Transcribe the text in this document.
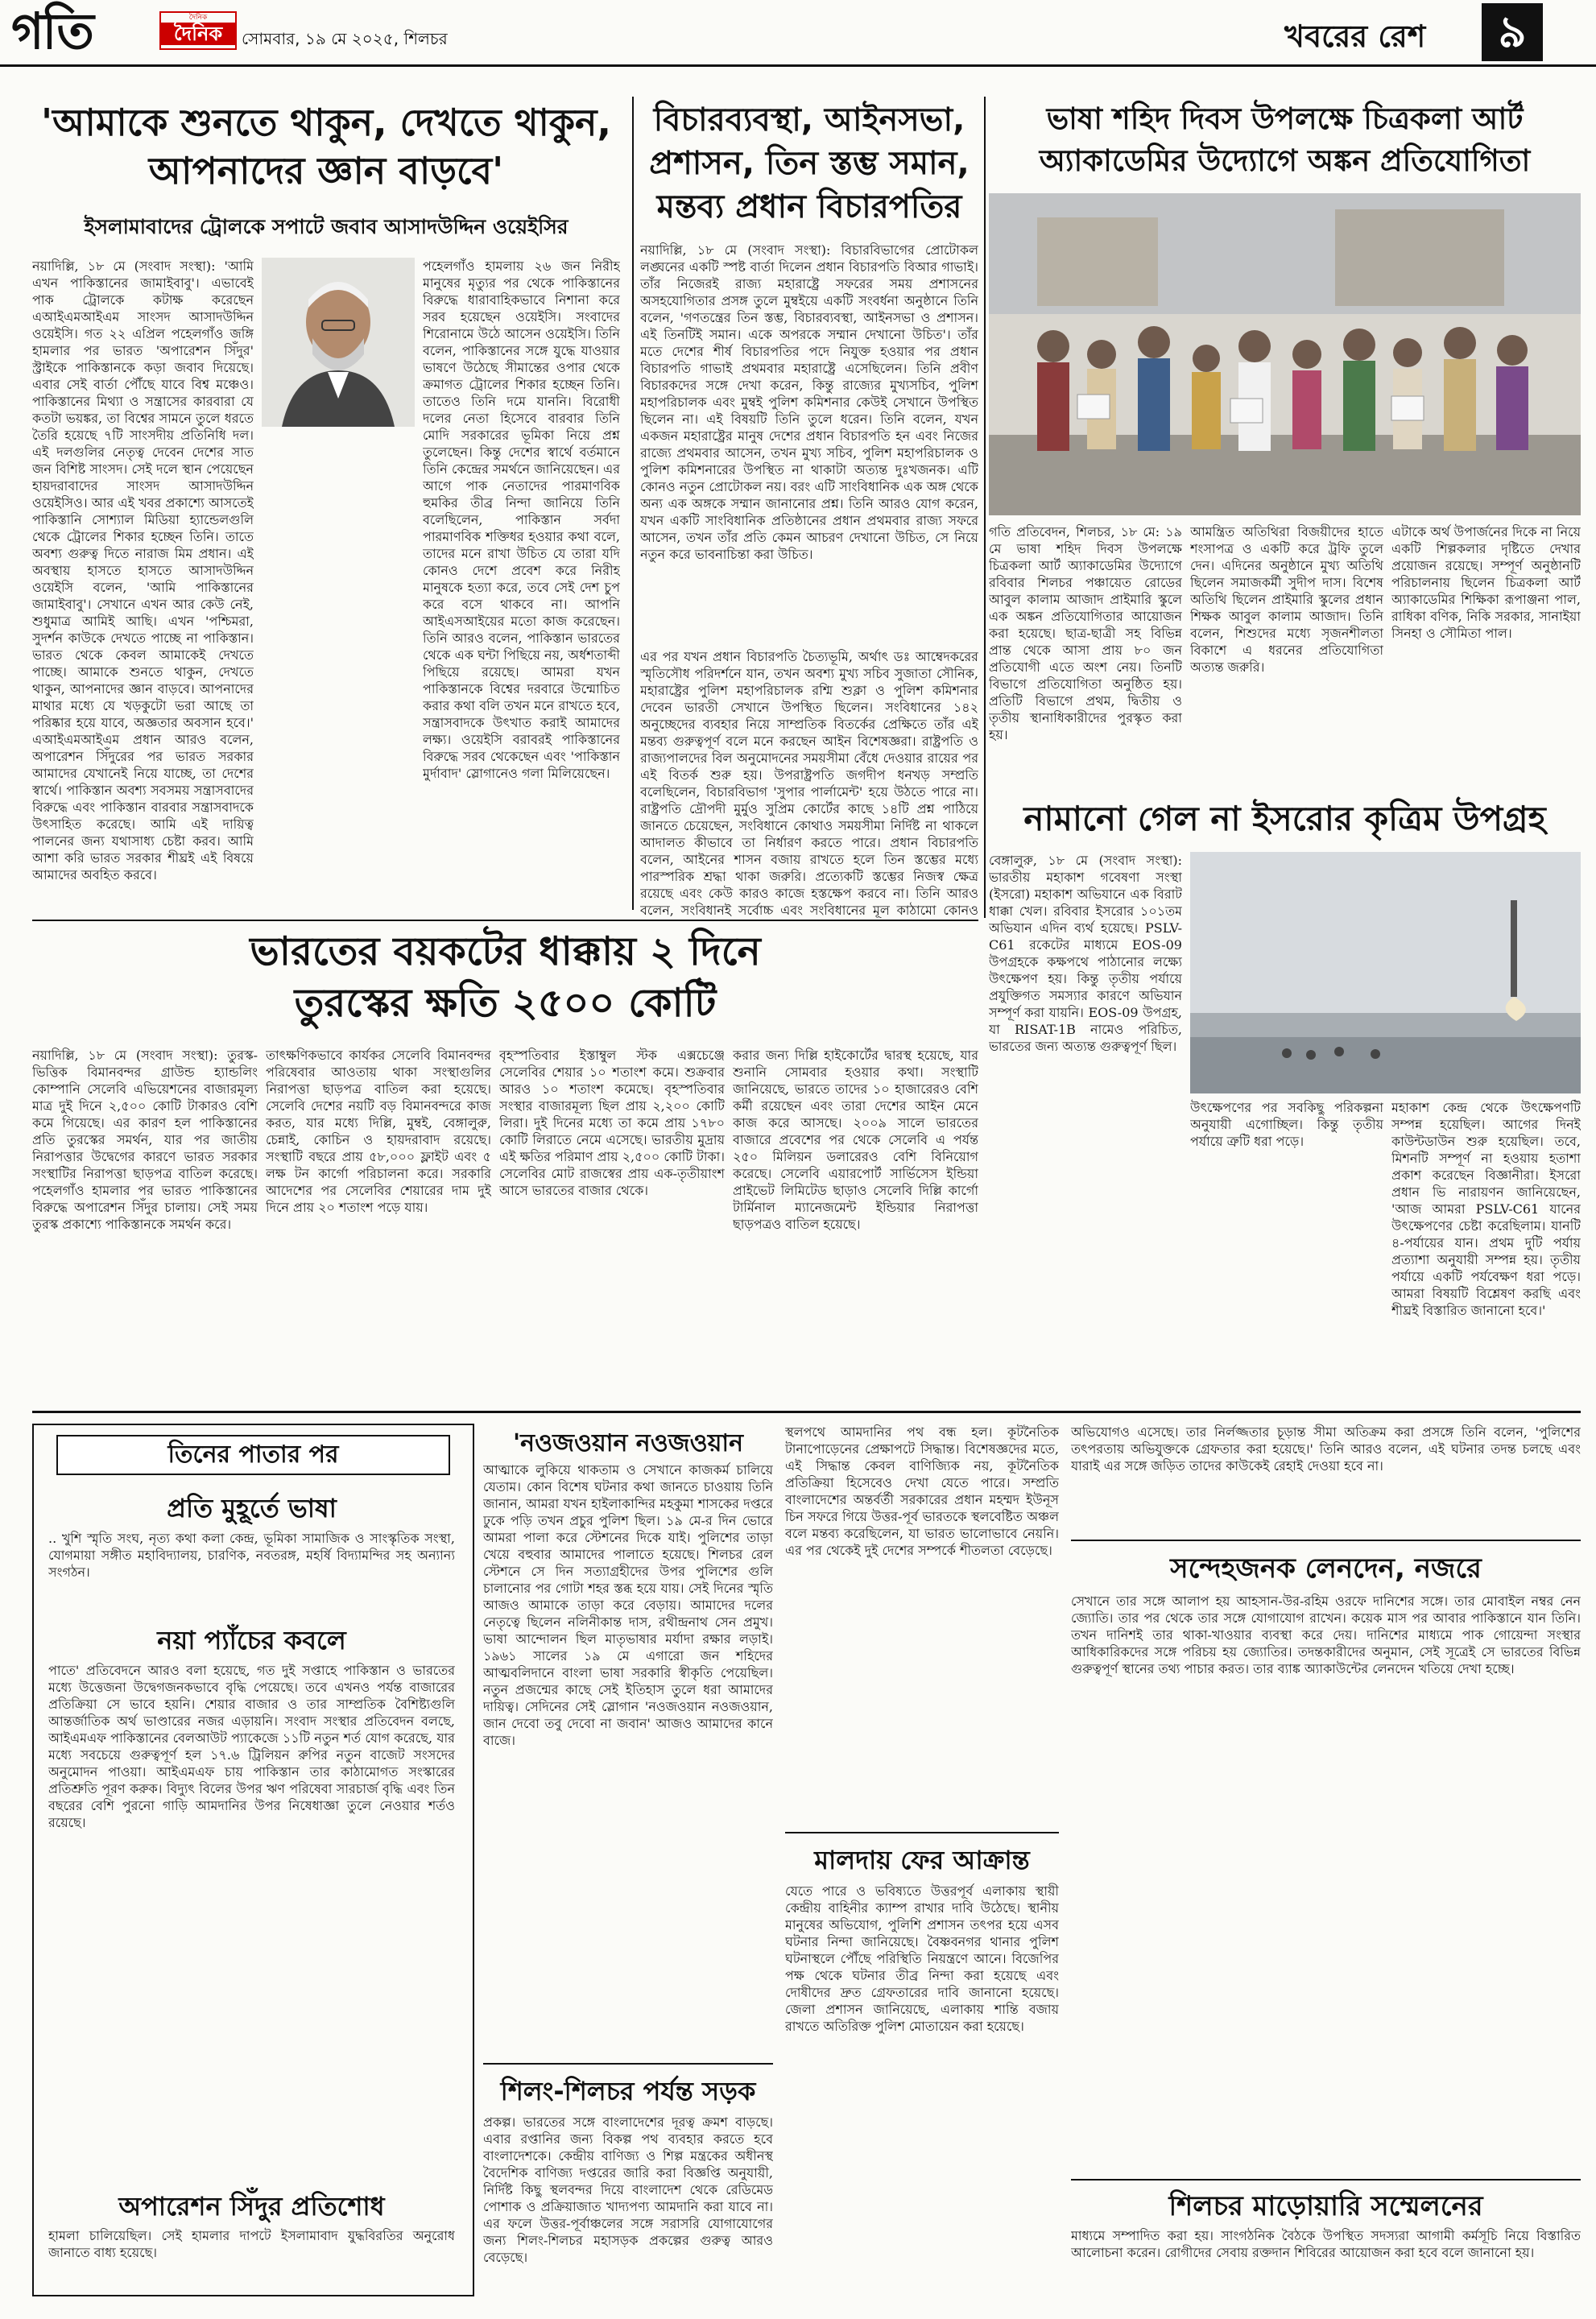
গতি	দৈনিক
দৈনিক	সোমবার, ১৯ মে ২০২৫, শিলচর	খবরের রেশ	৯
'আমাকে শুনতে থাকুন, দেখতে থাকুন, আপনাদের জ্ঞান বাড়বে'
ইসলামাবাদের ট্রোলকে সপাটে জবাব আসাদউদ্দিন ওয়েইসির
নয়াদিল্লি, ১৮ মে (সংবাদ সংস্থা): 'আমি এখন পাকিস্তানের জামাইবাবু'। এভাবেই পাক ট্রোলকে কটাক্ষ করেছেন এআইএমআইএম সাংসদ আসাদউদ্দিন ওয়েইসি। গত ২২ এপ্রিল পহেলগাঁও জঙ্গি হামলার পর ভারত 'অপারেশন সিঁদুর' স্ট্রাইকে পাকিস্তানকে কড়া জবাব দিয়েছে। এবার সেই বার্তা পৌঁছে যাবে বিশ্ব মঞ্চেও। পাকিস্তানের মিথ্যা ও সন্ত্রাসের কারবারা যে কতটা ভয়ঙ্কর, তা বিশ্বের সামনে তুলে ধরতে তৈরি হয়েছে ৭টি সাংসদীয় প্রতিনিধি দল। এই দলগুলির নেতৃত্ব দেবেন দেশের সাত জন বিশিষ্ট সাংসদ। সেই দলে স্থান পেয়েছেন হায়দরাবাদের সাংসদ আসাদউদ্দিন ওয়েইসিও। আর এই খবর প্রকাশ্যে আসতেই পাকিস্তানি সোশ্যাল মিডিয়া হ্যান্ডেলগুলি থেকে ট্রোলের শিকার হচ্ছেন তিনি। তাতে অবশ্য গুরুত্ব দিতে নারাজ মিম প্রধান। এই অবস্থায় হাসতে হাসতে আসাদউদ্দিন ওয়েইসি বলেন, 'আমি পাকিস্তানের জামাইবাবু'। সেখানে এখন আর কেউ নেই, শুধুমাত্র আমিই আছি। এখন 'পশ্চিমরা, সুদর্শন কাউকে দেখতে পাচ্ছে না পাকিস্তান। ভারত থেকে কেবল আমাকেই দেখতে পাচ্ছে। আমাকে শুনতে থাকুন, দেখতে থাকুন, আপনাদের জ্ঞান বাড়বে। আপনাদের মাথার মধ্যে যে খড়কুটো ভরা আছে তা পরিষ্কার হয়ে যাবে, অজ্ঞতার অবসান হবে।' এআইএমআইএম প্রধান আরও বলেন, অপারেশন সিঁদুরের পর ভারত সরকার আমাদের যেখানেই নিয়ে যাচ্ছে, তা দেশের স্বার্থে। পাকিস্তান অবশ্য সবসময় সন্ত্রাসবাদের বিরুদ্ধে এবং পাকিস্তান বারবার সন্ত্রাসবাদকে উৎসাহিত করেছে। আমি এই দায়িত্ব পালনের জন্য যথাসাধ্য চেষ্টা করব। আমি আশা করি ভারত সরকার শীঘ্রই এই বিষয়ে আমাদের অবহিত করবে।
পহেলগাঁও হামলায় ২৬ জন নিরীহ মানুষের মৃত্যুর পর থেকে পাকিস্তানের বিরুদ্ধে ধারাবাহিকভাবে নিশানা করে সরব হয়েছেন ওয়েইসি। সংবাদের শিরোনামে উঠে আসেন ওয়েইসি। তিনি বলেন, পাকিস্তানের সঙ্গে যুদ্ধে যাওয়ার ভাষণে উঠেছে সীমান্তের ওপার থেকে ক্রমাগত ট্রোলের শিকার হচ্ছেন তিনি। তাতেও তিনি দমে যাননি। বিরোধী দলের নেতা হিসেবে বারবার তিনি মোদি সরকারের ভূমিকা নিয়ে প্রশ্ন তুলেছেন। কিন্তু দেশের স্বার্থে বর্তমানে তিনি কেন্দ্রের সমর্থনে জানিয়েছেন। এর আগে পাক নেতাদের পারমাণবিক হুমকির তীব্র নিন্দা জানিয়ে তিনি বলেছিলেন, পাকিস্তান সর্বদা পারমাণবিক শক্তিধর হওয়ার কথা বলে, তাদের মনে রাখা উচিত যে তারা যদি কোনও দেশে প্রবেশ করে নিরীহ মানুষকে হত্যা করে, তবে সেই দেশ চুপ করে বসে থাকবে না। আপনি আইএসআইয়ের মতো কাজ করেছেন। তিনি আরও বলেন, পাকিস্তান ভারতের থেকে এক ঘন্টা পিছিয়ে নয়, অর্ধশতাব্দী পিছিয়ে রয়েছে। আমরা যখন পাকিস্তানকে বিশ্বের দরবারে উন্মোচিত করার কথা বলি তখন মনে রাখতে হবে, সন্ত্রাসবাদকে উৎখাত করাই আমাদের লক্ষ্য। ওয়েইসি বরাবরই পাকিস্তানের বিরুদ্ধে সরব থেকেছেন এবং 'পাকিস্তান মুর্দাবাদ' স্লোগানেও গলা মিলিয়েছেন।
বিচারব্যবস্থা, আইনসভা, প্রশাসন, তিন স্তম্ভ সমান, মন্তব্য প্রধান বিচারপতির
নয়াদিল্লি, ১৮ মে (সংবাদ সংস্থা): বিচারবিভাগের প্রোটোকল লঙ্ঘনের একটি স্পষ্ট বার্তা দিলেন প্রধান বিচারপতি বিআর গাভাই। তাঁর নিজেরই রাজ্য মহারাষ্ট্রে সফরের সময় প্রশাসনের অসহযোগিতার প্রসঙ্গ তুলে মুম্বইয়ে একটি সংবর্ধনা অনুষ্ঠানে তিনি বলেন, 'গণতন্ত্রের তিন স্তম্ভ, বিচারব্যবস্থা, আইনসভা ও প্রশাসন। এই তিনটিই সমান। একে অপরকে সম্মান দেখানো উচিত'। তাঁর মতে দেশের শীর্ষ বিচারপতির পদে নিযুক্ত হওয়ার পর প্রধান বিচারপতি গাভাই প্রথমবার মহারাষ্ট্রে এসেছিলেন। তিনি প্রবীণ বিচারকদের সঙ্গে দেখা করেন, কিন্তু রাজ্যের মুখ্যসচিব, পুলিশ মহাপরিচালক এবং মুম্বই পুলিশ কমিশনার কেউই সেখানে উপস্থিত ছিলেন না। এই বিষয়টি তিনি তুলে ধরেন। তিনি বলেন, যখন একজন মহারাষ্ট্রের মানুষ দেশের প্রধান বিচারপতি হন এবং নিজের রাজ্যে প্রথমবার আসেন, তখন মুখ্য সচিব, পুলিশ মহাপরিচালক ও পুলিশ কমিশনারের উপস্থিত না থাকাটা অত্যন্ত দুঃখজনক। এটি কোনও নতুন প্রোটোকল নয়। বরং এটি সাংবিধানিক এক অঙ্গ থেকে অন্য এক অঙ্গকে সম্মান জানানোর প্রশ্ন। তিনি আরও যোগ করেন, যখন একটি সাংবিধানিক প্রতিষ্ঠানের প্রধান প্রথমবার রাজ্য সফরে আসেন, তখন তাঁর প্রতি কেমন আচরণ দেখানো উচিত, সে নিয়ে নতুন করে ভাবনাচিন্তা করা উচিত।
এর পর যখন প্রধান বিচারপতি চৈত্যভূমি, অর্থাৎ ডঃ আম্বেদকরের স্মৃতিসৌধ পরিদর্শনে যান, তখন অবশ্য মুখ্য সচিব সুজাতা সৌনিক, মহারাষ্ট্রের পুলিশ মহাপরিচালক রশ্মি শুক্লা ও পুলিশ কমিশনার দেবেন ভারতী সেখানে উপস্থিত ছিলেন। সংবিধানের ১৪২ অনুচ্ছেদের ব্যবহার নিয়ে সাম্প্রতিক বিতর্কের প্রেক্ষিতে তাঁর এই মন্তব্য গুরুত্বপূর্ণ বলে মনে করছেন আইন বিশেষজ্ঞরা। রাষ্ট্রপতি ও রাজ্যপালদের বিল অনুমোদনের সময়সীমা বেঁধে দেওয়ার রায়ের পর এই বিতর্ক শুরু হয়। উপরাষ্ট্রপতি জগদীপ ধনখড় সম্প্রতি বলেছিলেন, বিচারবিভাগ 'সুপার পার্লামেন্ট' হয়ে উঠতে পারে না। রাষ্ট্রপতি দ্রৌপদী মুর্মুও সুপ্রিম কোর্টের কাছে ১৪টি প্রশ্ন পাঠিয়ে জানতে চেয়েছেন, সংবিধানে কোথাও সময়সীমা নির্দিষ্ট না থাকলে আদালত কীভাবে তা নির্ধারণ করতে পারে। প্রধান বিচারপতি বলেন, আইনের শাসন বজায় রাখতে হলে তিন স্তম্ভের মধ্যে পারস্পরিক শ্রদ্ধা থাকা জরুরি। প্রত্যেকটি স্তম্ভের নিজস্ব ক্ষেত্র রয়েছে এবং কেউ কারও কাজে হস্তক্ষেপ করবে না। তিনি আরও বলেন, সংবিধানই সর্বোচ্চ এবং সংবিধানের মূল কাঠামো কোনও
ভাষা শহিদ দিবস উপলক্ষে চিত্রকলা আর্ট
অ্যাকাডেমির উদ্যোগে অঙ্কন প্রতিযোগিতা
গতি প্রতিবেদন, শিলচর, ১৮ মে: ১৯ মে ভাষা শহিদ দিবস উপলক্ষে চিত্রকলা আর্ট অ্যাকাডেমির উদ্যোগে রবিবার শিলচর পঞ্চায়েত রোডের আবুল কালাম আজাদ প্রাইমারি স্কুলে এক অঙ্কন প্রতিযোগিতার আয়োজন করা হয়েছে। ছাত্র-ছাত্রী সহ বিভিন্ন প্রান্ত থেকে আসা প্রায় ৮০ জন প্রতিযোগী এতে অংশ নেয়। তিনটি বিভাগে প্রতিযোগিতা অনুষ্ঠিত হয়। প্রতিটি বিভাগে প্রথম, দ্বিতীয় ও তৃতীয় স্থানাধিকারীদের পুরস্কৃত করা হয়।
আমন্ত্রিত অতিথিরা বিজয়ীদের হাতে শংসাপত্র ও একটি করে ট্রফি তুলে দেন। এদিনের অনুষ্ঠানে মুখ্য অতিথি ছিলেন সমাজকর্মী সুদীপ দাস। বিশেষ অতিথি ছিলেন প্রাইমারি স্কুলের প্রধান শিক্ষক আবুল কালাম আজাদ। তিনি বলেন, শিশুদের মধ্যে সৃজনশীলতা বিকাশে এ ধরনের প্রতিযোগিতা অত্যন্ত জরুরি।
এটাকে অর্থ উপার্জনের দিকে না নিয়ে একটি শিল্পকলার দৃষ্টিতে দেখার প্রয়োজন রয়েছে। সম্পূর্ণ অনুষ্ঠানটি পরিচালনায় ছিলেন চিত্রকলা আর্ট অ্যাকাডেমির শিক্ষিকা রূপাঞ্জনা পাল, রাধিকা বণিক, নিকি সরকার, সানাইয়া সিনহা ও সৌমিতা পাল।
নামানো গেল না ইসরোর কৃত্রিম উপগ্রহ
বেঙ্গালুরু, ১৮ মে (সংবাদ সংস্থা): ভারতীয় মহাকাশ গবেষণা সংস্থা (ইসরো) মহাকাশ অভিযানে এক বিরাট ধাক্কা খেল। রবিবার ইসরোর ১০১তম অভিযান এদিন ব্যর্থ হয়েছে। PSLV-C61 রকেটের মাধ্যমে EOS-09 উপগ্রহকে কক্ষপথে পাঠানোর লক্ষ্যে উৎক্ষেপণ হয়। কিন্তু তৃতীয় পর্যায়ে প্রযুক্তিগত সমস্যার কারণে অভিযান সম্পূর্ণ করা যায়নি। EOS-09 উপগ্রহ, যা RISAT-1B নামেও পরিচিত, ভারতের জন্য অত্যন্ত গুরুত্বপূর্ণ ছিল।
উৎক্ষেপণের পর সবকিছু পরিকল্পনা অনুযায়ী এগোচ্ছিল। কিন্তু তৃতীয় পর্যায়ে ত্রুটি ধরা পড়ে।
মহাকাশ কেন্দ্র থেকে উৎক্ষেপণটি সম্পন্ন হয়েছিল। আগের দিনই কাউন্টডাউন শুরু হয়েছিল। তবে, মিশনটি সম্পূর্ণ না হওয়ায় হতাশা প্রকাশ করেছেন বিজ্ঞানীরা। ইসরো প্রধান ভি নারায়ণন জানিয়েছেন, 'আজ আমরা PSLV-C61 যানের উৎক্ষেপণের চেষ্টা করেছিলাম। যানটি ৪-পর্যায়ের যান। প্রথম দুটি পর্যায় প্রত্যাশা অনুযায়ী সম্পন্ন হয়। তৃতীয় পর্যায়ে একটি পর্যবেক্ষণ ধরা পড়ে। আমরা বিষয়টি বিশ্লেষণ করছি এবং শীঘ্রই বিস্তারিত জানানো হবে।'
ভারতের বয়কটের ধাক্কায় ২ দিনে
তুরস্কের ক্ষতি ২৫০০ কোটি
নয়াদিল্লি, ১৮ মে (সংবাদ সংস্থা): তুরস্ক-ভিত্তিক বিমানবন্দর গ্রাউন্ড হ্যান্ডলিং কোম্পানি সেলেবি এভিয়েশনের বাজারমূল্য মাত্র দুই দিনে ২,৫০০ কোটি টাকারও বেশি কমে গিয়েছে। এর কারণ হল পাকিস্তানের প্রতি তুরস্কের সমর্থন, যার পর জাতীয় নিরাপত্তার উদ্বেগের কারণে ভারত সরকার সংস্থাটির নিরাপত্তা ছাড়পত্র বাতিল করেছে। পহেলগাঁও হামলার পর ভারত পাকিস্তানের বিরুদ্ধে অপারেশন সিঁদুর চালায়। সেই সময় তুরস্ক প্রকাশ্যে পাকিস্তানকে সমর্থন করে।
তাৎক্ষণিকভাবে কার্যকর সেলেবি বিমানবন্দর পরিষেবার আওতায় থাকা সংস্থাগুলির নিরাপত্তা ছাড়পত্র বাতিল করা হয়েছে। সেলেবি দেশের নয়টি বড় বিমানবন্দরে কাজ করত, যার মধ্যে দিল্লি, মুম্বই, বেঙ্গালুরু, চেন্নাই, কোচিন ও হায়দরাবাদ রয়েছে। সংস্থাটি বছরে প্রায় ৫৮,০০০ ফ্লাইট এবং ৫ লক্ষ টন কার্গো পরিচালনা করে। সরকারি আদেশের পর সেলেবির শেয়ারের দাম দুই দিনে প্রায় ২০ শতাংশ পড়ে যায়।
বৃহস্পতিবার ইস্তাম্বুল স্টক এক্সচেঞ্জে সেলেবির শেয়ার ১০ শতাংশ কমে। শুক্রবার আরও ১০ শতাংশ কমেছে। বৃহস্পতিবার সংস্থার বাজারমূল্য ছিল প্রায় ২,২০০ কোটি লিরা। দুই দিনের মধ্যে তা কমে প্রায় ১৭৮০ কোটি লিরাতে নেমে এসেছে। ভারতীয় মুদ্রায় এই ক্ষতির পরিমাণ প্রায় ২,৫০০ কোটি টাকা। সেলেবির মোট রাজস্বের প্রায় এক-তৃতীয়াংশ আসে ভারতের বাজার থেকে।
করার জন্য দিল্লি হাইকোর্টের দ্বারস্থ হয়েছে, যার শুনানি সোমবার হওয়ার কথা। সংস্থাটি জানিয়েছে, ভারতে তাদের ১০ হাজারেরও বেশি কর্মী রয়েছেন এবং তারা দেশের আইন মেনে কাজ করে আসছে। ২০০৯ সালে ভারতের বাজারে প্রবেশের পর থেকে সেলেবি এ পর্যন্ত ২৫০ মিলিয়ন ডলারেরও বেশি বিনিয়োগ করেছে। সেলেবি এয়ারপোর্ট সার্ভিসেস ইন্ডিয়া প্রাইভেট লিমিটেড ছাড়াও সেলেবি দিল্লি কার্গো টার্মিনাল ম্যানেজমেন্ট ইন্ডিয়ার নিরাপত্তা ছাড়পত্রও বাতিল হয়েছে।
তিনের পাতার পর
প্রতি মুহূর্তে ভাষা
.. খুশি স্মৃতি সংঘ, নৃত্য কথা কলা কেন্দ্র, ভূমিকা সামাজিক ও সাংস্কৃতিক সংস্থা, যোগমায়া সঙ্গীত মহাবিদ্যালয়, চারণিক, নবতরঙ্গ, মহর্ষি বিদ্যামন্দির সহ অন্যান্য সংগঠন।
নয়া প্যাঁচের কবলে
পাতে' প্রতিবেদনে আরও বলা হয়েছে, গত দুই সপ্তাহে পাকিস্তান ও ভারতের মধ্যে উত্তেজনা উদ্বেগজনকভাবে বৃদ্ধি পেয়েছে। তবে এখনও পর্যন্ত বাজারের প্রতিক্রিয়া সে ভাবে হয়নি। শেয়ার বাজার ও তার সাম্প্রতিক বৈশিষ্ট্যগুলি আন্তর্জাতিক অর্থ ভাণ্ডারের নজর এড়ায়নি। সংবাদ সংস্থার প্রতিবেদন বলছে, আইএমএফ পাকিস্তানের বেলআউট প্যাকেজে ১১টি নতুন শর্ত যোগ করেছে, যার মধ্যে সবচেয়ে গুরুত্বপূর্ণ হল ১৭.৬ ট্রিলিয়ন রুপির নতুন বাজেট সংসদের অনুমোদন পাওয়া। আইএমএফ চায় পাকিস্তান তার কাঠামোগত সংস্কারের প্রতিশ্রুতি পূরণ করুক। বিদ্যুৎ বিলের উপর ঋণ পরিষেবা সারচার্জ বৃদ্ধি এবং তিন বছরের বেশি পুরনো গাড়ি আমদানির উপর নিষেধাজ্ঞা তুলে নেওয়ার শর্তও রয়েছে।
অপারেশন সিঁদুর প্রতিশোধ
হামলা চালিয়েছিল। সেই হামলার দাপটে ইসলামাবাদ যুদ্ধবিরতির অনুরোধ জানাতে বাধ্য হয়েছে।
'নওজওয়ান নওজওয়ান
আত্মাকে লুকিয়ে থাকতাম ও সেখানে কাজকর্ম চালিয়ে যেতাম। কোন বিশেষ ঘটনার কথা জানতে চাওয়ায় তিনি জানান, আমরা যখন হাইলাকান্দির মহকুমা শাসকের দপ্তরে ঢুকে পড়ি তখন প্রচুর পুলিশ ছিল। ১৯ মে-র দিন ভোরে আমরা পালা করে স্টেশনের দিকে যাই। পুলিশের তাড়া খেয়ে বহুবার আমাদের পালাতে হয়েছে। শিলচর রেল স্টেশনে সে দিন সত্যাগ্রহীদের উপর পুলিশের গুলি চালানোর পর গোটা শহর স্তব্ধ হয়ে যায়। সেই দিনের স্মৃতি আজও আমাকে তাড়া করে বেড়ায়। আমাদের দলের নেতৃত্বে ছিলেন নলিনীকান্ত দাস, রথীন্দ্রনাথ সেন প্রমুখ। ভাষা আন্দোলন ছিল মাতৃভাষার মর্যাদা রক্ষার লড়াই। ১৯৬১ সালের ১৯ মে এগারো জন শহিদের আত্মবলিদানে বাংলা ভাষা সরকারি স্বীকৃতি পেয়েছিল। নতুন প্রজন্মের কাছে সেই ইতিহাস তুলে ধরা আমাদের দায়িত্ব। সেদিনের সেই স্লোগান 'নওজওয়ান নওজওয়ান, জান দেবো তবু দেবো না জবান' আজও আমাদের কানে বাজে।
শিলং-শিলচর পর্যন্ত সড়ক
প্রকল্প। ভারতের সঙ্গে বাংলাদেশের দূরত্ব ক্রমশ বাড়ছে। এবার রপ্তানির জন্য বিকল্প পথ ব্যবহার করতে হবে বাংলাদেশকে। কেন্দ্রীয় বাণিজ্য ও শিল্প মন্ত্রকের অধীনস্থ বৈদেশিক বাণিজ্য দপ্তরের জারি করা বিজ্ঞপ্তি অনুযায়ী, নির্দিষ্ট কিছু স্থলবন্দর দিয়ে বাংলাদেশ থেকে রেডিমেড পোশাক ও প্রক্রিয়াজাত খাদ্যপণ্য আমদানি করা যাবে না। এর ফলে উত্তর-পূর্বাঞ্চলের সঙ্গে সরাসরি যোগাযোগের জন্য শিলং-শিলচর মহাসড়ক প্রকল্পের গুরুত্ব আরও বেড়েছে।
স্থলপথে আমদানির পথ বন্ধ হল। কূটনৈতিক টানাপোড়েনের প্রেক্ষাপটে সিদ্ধান্ত। বিশেষজ্ঞদের মতে, এই সিদ্ধান্ত কেবল বাণিজ্যিক নয়, কূটনৈতিক প্রতিক্রিয়া হিসেবেও দেখা যেতে পারে। সম্প্রতি বাংলাদেশের অন্তর্বর্তী সরকারের প্রধান মহম্মদ ইউনূস চিন সফরে গিয়ে উত্তর-পূর্ব ভারতকে স্থলবেষ্টিত অঞ্চল বলে মন্তব্য করেছিলেন, যা ভারত ভালোভাবে নেয়নি। এর পর থেকেই দুই দেশের সম্পর্কে শীতলতা বেড়েছে।
মালদায় ফের আক্রান্ত
যেতে পারে ও ভবিষ্যতে উত্তরপূর্ব এলাকায় স্থায়ী কেন্দ্রীয় বাহিনীর ক্যাম্প রাখার দাবি উঠেছে। স্থানীয় মানুষের অভিযোগ, পুলিশি প্রশাসন তৎপর হয়ে এসব ঘটনার নিন্দা জানিয়েছে। বৈষ্ণবনগর থানার পুলিশ ঘটনাস্থলে পৌঁছে পরিস্থিতি নিয়ন্ত্রণে আনে। বিজেপির পক্ষ থেকে ঘটনার তীব্র নিন্দা করা হয়েছে এবং দোষীদের দ্রুত গ্রেফতারের দাবি জানানো হয়েছে। জেলা প্রশাসন জানিয়েছে, এলাকায় শান্তি বজায় রাখতে অতিরিক্ত পুলিশ মোতায়েন করা হয়েছে।
অভিযোগও এসেছে। তার নির্লজ্জতার চূড়ান্ত সীমা অতিক্রম করা প্রসঙ্গে তিনি বলেন, 'পুলিশের তৎপরতায় অভিযুক্তকে গ্রেফতার করা হয়েছে।' তিনি আরও বলেন, এই ঘটনার তদন্ত চলছে এবং যারাই এর সঙ্গে জড়িত তাদের কাউকেই রেহাই দেওয়া হবে না।
সন্দেহজনক লেনদেন, নজরে
সেখানে তার সঙ্গে আলাপ হয় আহসান-উর-রহিম ওরফে দানিশের সঙ্গে। তার মোবাইল নম্বর নেন জ্যোতি। তার পর থেকে তার সঙ্গে যোগাযোগ রাখেন। কয়েক মাস পর আবার পাকিস্তানে যান তিনি। তখন দানিশই তার থাকা-খাওয়ার ব্যবস্থা করে দেয়। দানিশের মাধ্যমে পাক গোয়েন্দা সংস্থার আধিকারিকদের সঙ্গে পরিচয় হয় জ্যোতির। তদন্তকারীদের অনুমান, সেই সূত্রেই সে ভারতের বিভিন্ন গুরুত্বপূর্ণ স্থানের তথ্য পাচার করত। তার ব্যাঙ্ক অ্যাকাউন্টের লেনদেন খতিয়ে দেখা হচ্ছে।
শিলচর মাড়োয়ারি সম্মেলনের
মাধ্যমে সম্পাদিত করা হয়। সাংগঠনিক বৈঠকে উপস্থিত সদস্যরা আগামী কর্মসূচি নিয়ে বিস্তারিত আলোচনা করেন। রোগীদের সেবায় রক্তদান শিবিরের আয়োজন করা হবে বলে জানানো হয়।
